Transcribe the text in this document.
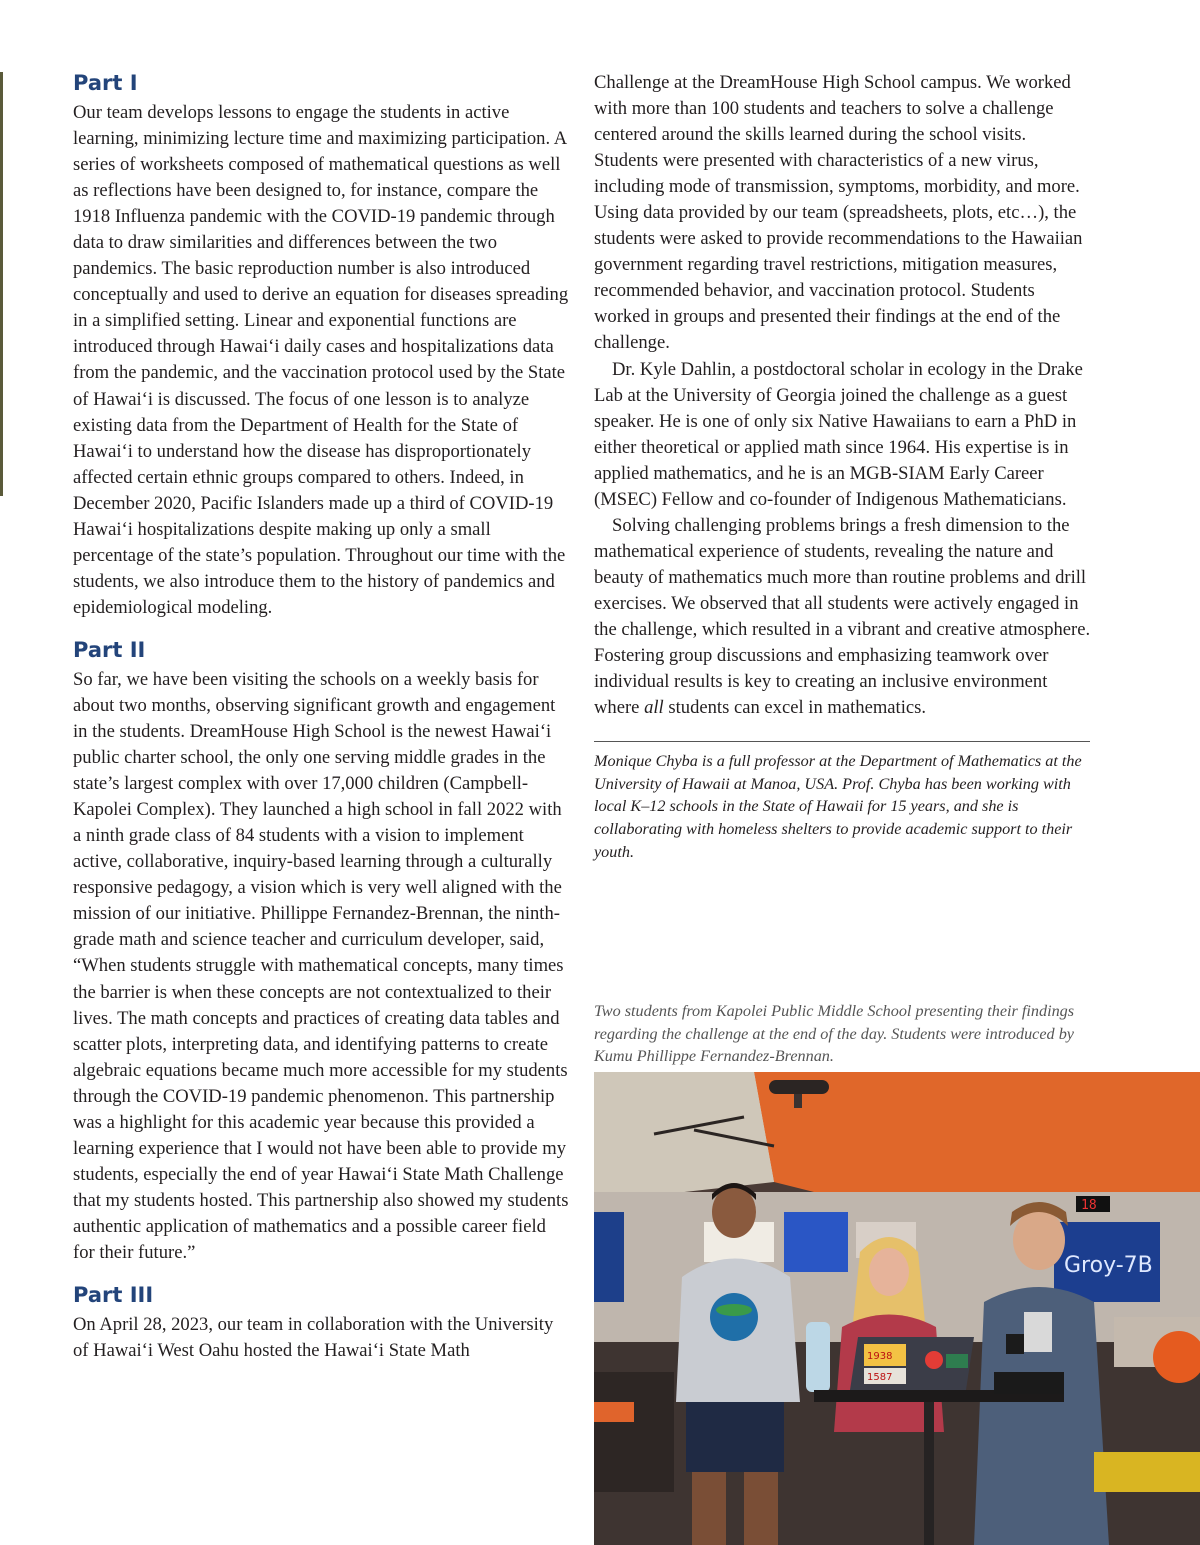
Part I

Our team develops lessons to engage the students in active learning, minimizing lecture time and maximizing participation. A series of worksheets composed of mathematical questions as well as reflections have been designed to, for instance, compare the 1918 Influenza pandemic with the COVID-19 pandemic through data to draw similarities and differences between the two pandemics. The basic reproduction number is also introduced conceptually and used to derive an equation for diseases spreading in a simplified setting. Linear and exponential functions are introduced through Hawaiʻi daily cases and hospitalizations data from the pandemic, and the vaccination protocol used by the State of Hawaiʻi is discussed. The focus of one lesson is to analyze existing data from the Department of Health for the State of Hawaiʻi to understand how the disease has disproportionately affected certain ethnic groups compared to others. Indeed, in December 2020, Pacific Islanders made up a third of COVID-19 Hawaiʻi hospitalizations despite making up only a small percentage of the state’s population. Throughout our time with the students, we also introduce them to the history of pandemics and epidemiological modeling.

Part II

So far, we have been visiting the schools on a weekly basis for about two months, observing significant growth and engagement in the students. DreamHouse High School is the newest Hawaiʻi public charter school, the only one serving middle grades in the state’s largest complex with over 17,000 children (Campbell-Kapolei Complex). They launched a high school in fall 2022 with a ninth grade class of 84 students with a vision to implement active, collaborative, inquiry-based learning through a culturally responsive pedagogy, a vision which is very well aligned with the mission of our initiative. Phillippe Fernandez-Brennan, the ninth-grade math and science teacher and curriculum developer, said, “When students struggle with mathematical concepts, many times the barrier is when these concepts are not contextualized to their lives. The math concepts and practices of creating data tables and scatter plots, interpreting data, and identifying patterns to create algebraic equations became much more accessible for my students through the COVID-19 pandemic phenomenon. This partnership was a highlight for this academic year because this provided a learning experience that I would not have been able to provide my students, especially the end of year Hawaiʻi State Math Challenge that my students hosted. This partnership also showed my students authentic application of mathematics and a possible career field for their future.”

Part III

On April 28, 2023, our team in collaboration with the University of Hawaiʻi West Oahu hosted the Hawaiʻi State Math

Challenge at the DreamHouse High School campus. We worked with more than 100 students and teachers to solve a challenge centered around the skills learned during the school visits. Students were presented with characteristics of a new virus, including mode of transmission, symptoms, morbidity, and more. Using data provided by our team (spreadsheets, plots, etc…), the students were asked to provide recommendations to the Hawaiian government regarding travel restrictions, mitigation measures, recommended behavior, and vaccination protocol. Students worked in groups and presented their findings at the end of the challenge.

Dr. Kyle Dahlin, a postdoctoral scholar in ecology in the Drake Lab at the University of Georgia joined the challenge as a guest speaker. He is one of only six Native Hawaiians to earn a PhD in either theoretical or applied math since 1964. His expertise is in applied mathematics, and he is an MGB-SIAM Early Career (MSEC) Fellow and co-founder of Indigenous Mathematicians.

Solving challenging problems brings a fresh dimension to the mathematical experience of students, revealing the nature and beauty of mathematics much more than routine problems and drill exercises. We observed that all students were actively engaged in the challenge, which resulted in a vibrant and creative atmosphere. Fostering group discussions and emphasizing teamwork over individual results is key to creating an inclusive environment where all students can excel in mathematics.

Monique Chyba is a full professor at the Department of Mathematics at the University of Hawaii at Manoa, USA. Prof. Chyba has been working with local K–12 schools in the State of Hawaii for 15 years, and she is collaborating with homeless shelters to provide academic support to their youth.

Two students from Kapolei Public Middle School presenting their findings regarding the challenge at the end of the day. Students were introduced by Kumu Phillippe Fernandez-Brennan.

Groy-7B
18
1938
1587
